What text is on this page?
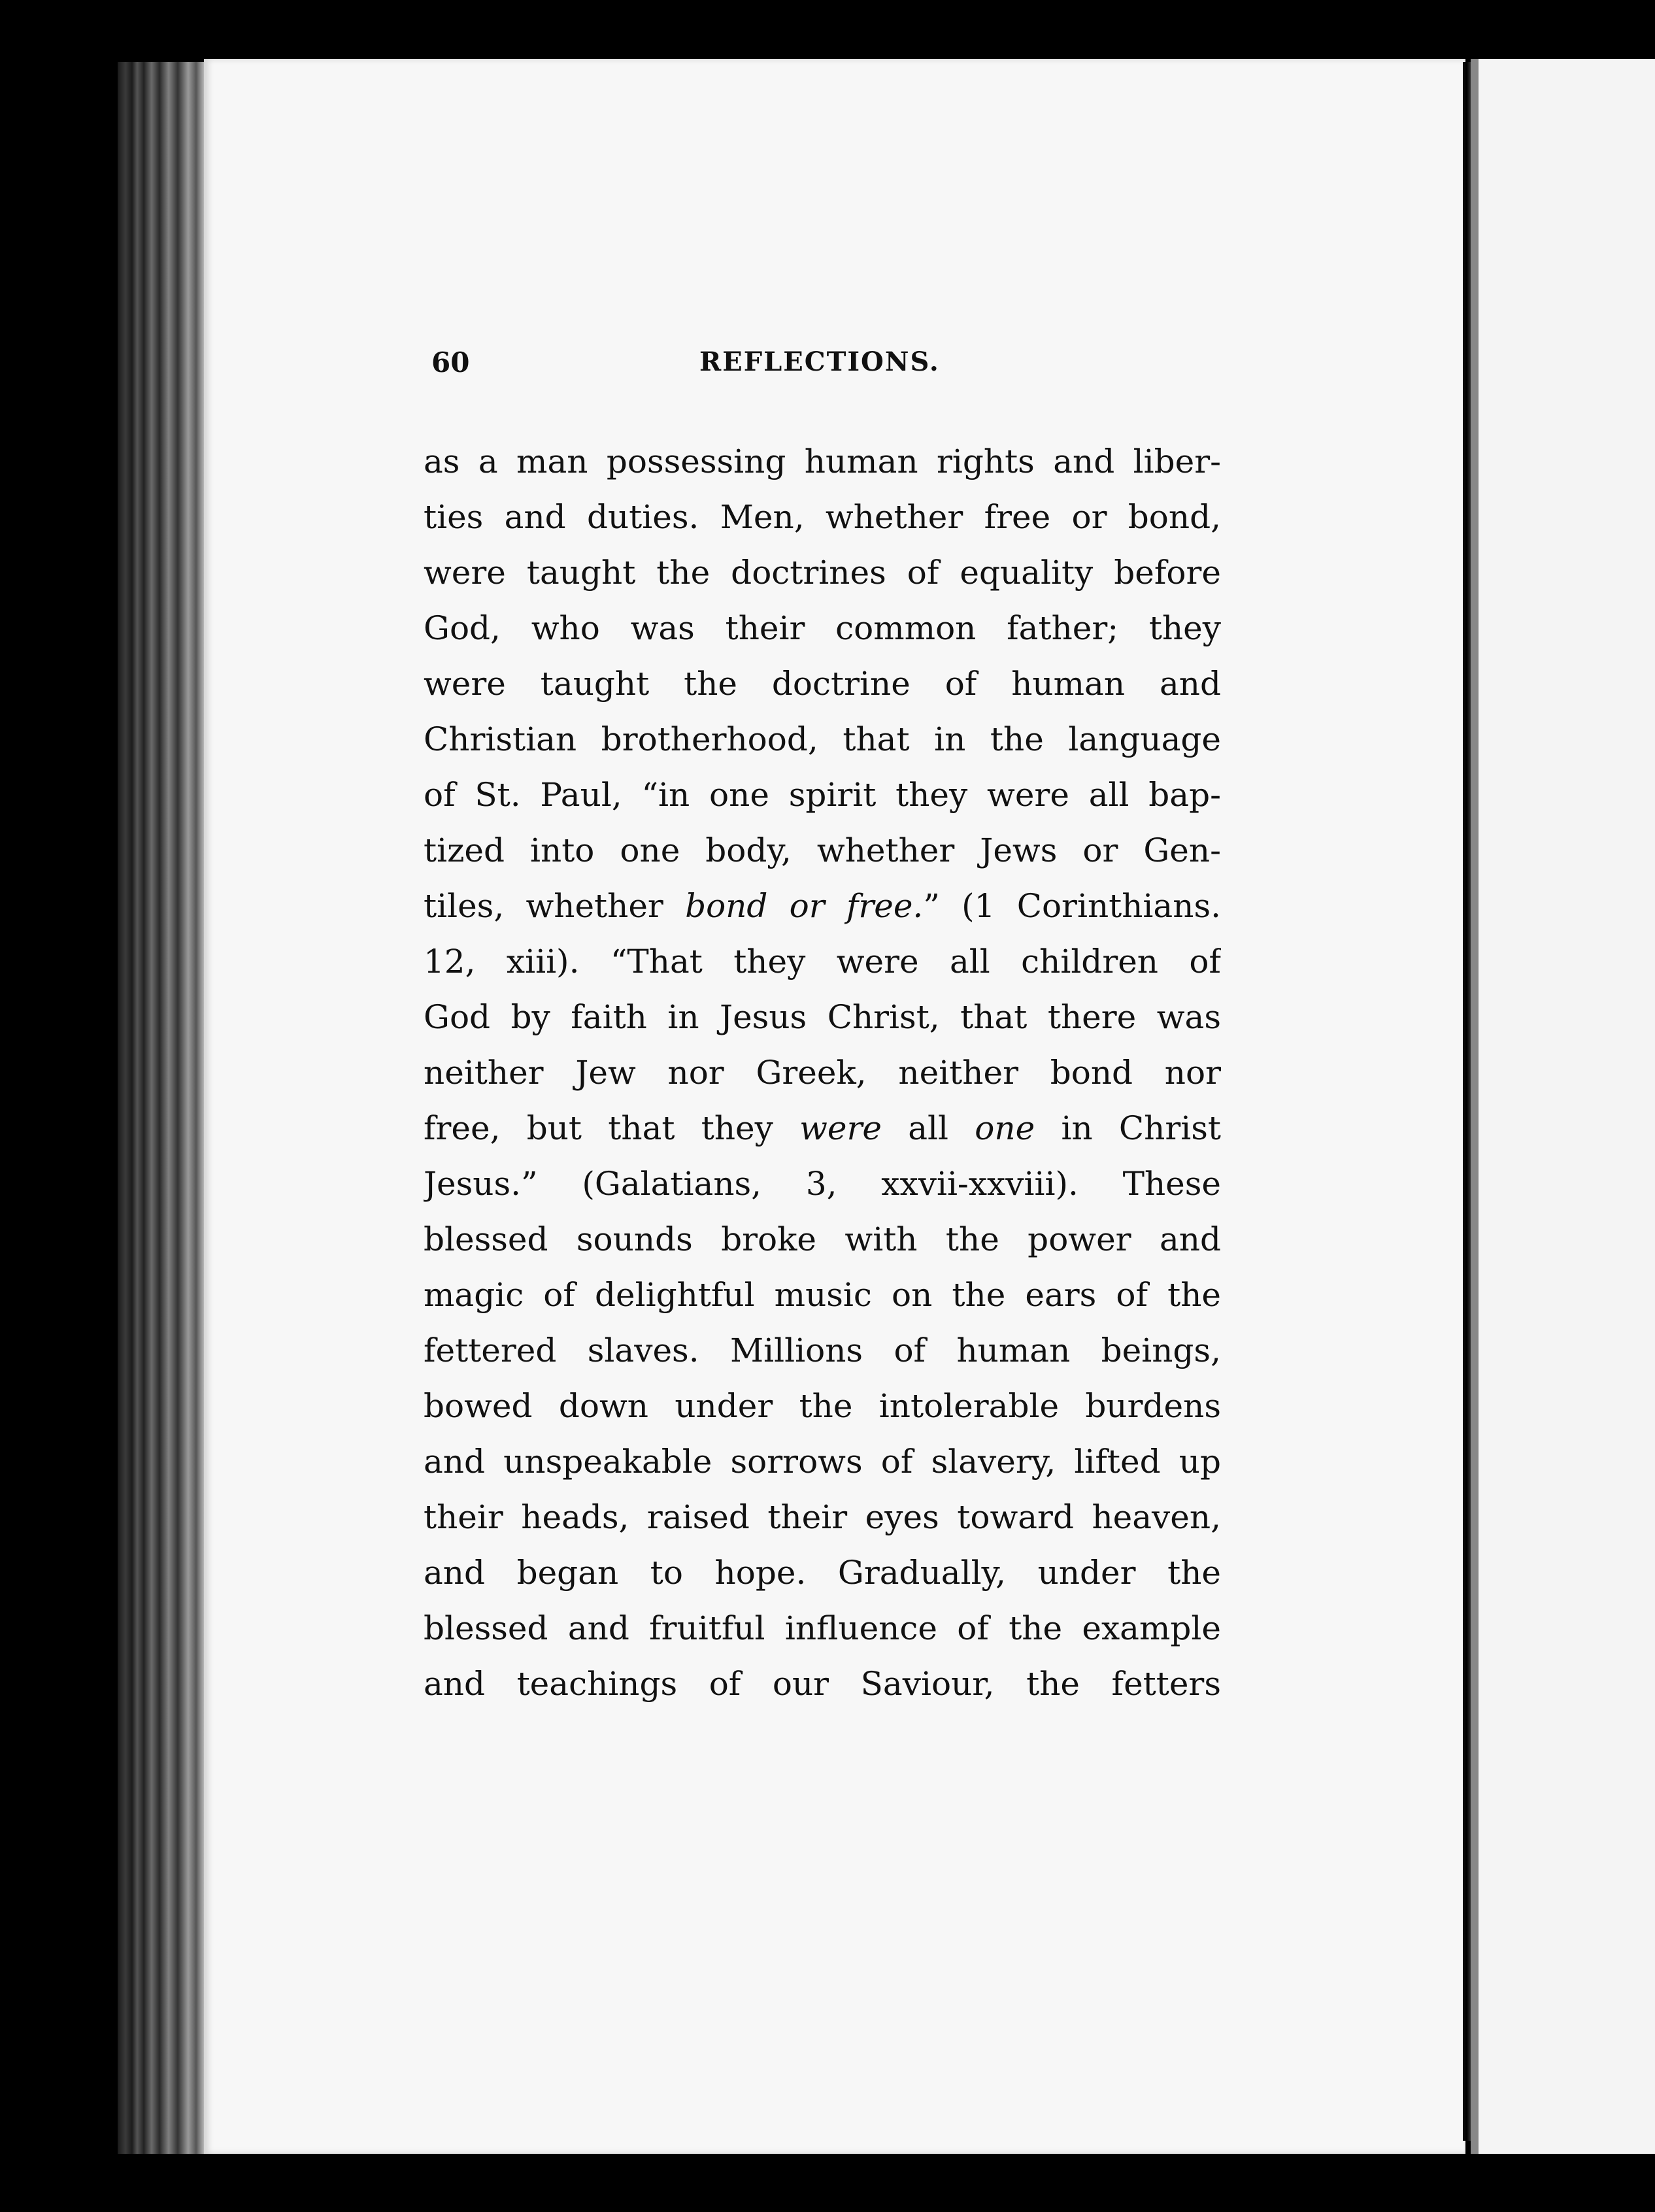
60	REFLECTIONS.
as a man possessing human rights and liber-
ties and duties. Men, whether free or bond,
were taught the doctrines of equality before
God, who was their common father; they
were taught the doctrine of human and
Christian brotherhood, that in the language
of St. Paul, “in one spirit they were all bap-
tized into one body, whether Jews or Gen-
tiles, whether bond or free.” (1 Corinthians.
12, xiii). “That they were all children of
God by faith in Jesus Christ, that there was
neither Jew nor Greek, neither bond nor
free, but that they were all one in Christ
Jesus.” (Galatians, 3, xxvii-xxviii). These
blessed sounds broke with the power and
magic of delightful music on the ears of the
fettered slaves. Millions of human beings,
bowed down under the intolerable burdens
and unspeakable sorrows of slavery, lifted up
their heads, raised their eyes toward heaven,
and began to hope. Gradually, under the
blessed and fruitful influence of the example
and teachings of our Saviour, the fetters
